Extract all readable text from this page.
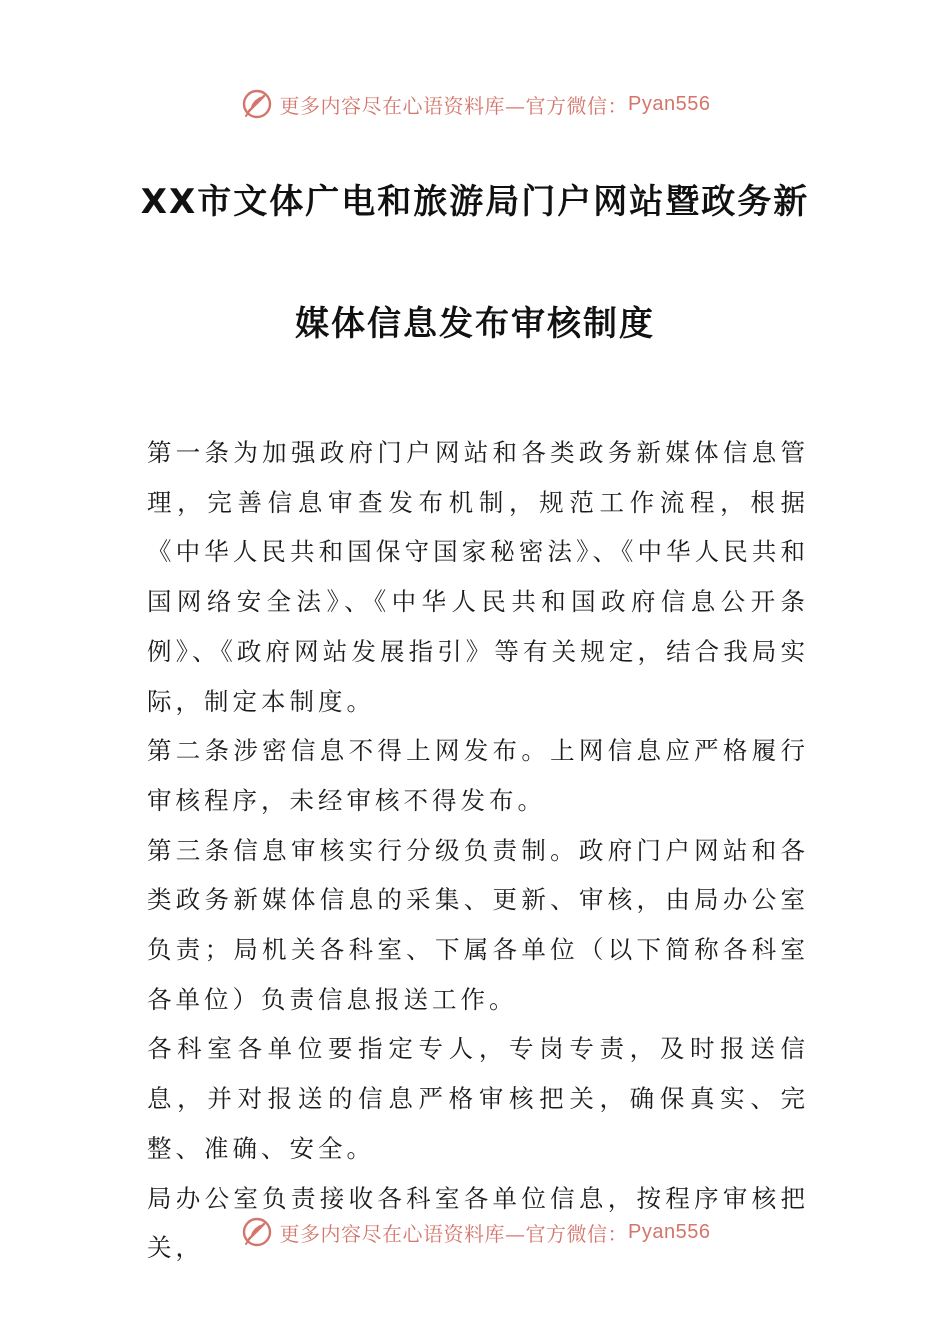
更多内容尽在心语资料库—官方微信： Pyan556
XX市文体广电和旅游局门户网站暨政务新
媒体信息发布审核制度

第一条为加强政府门户网站和各类政务新媒体信息管理，完善信息审查发布机制，规范工作流程，根据《中华人民共和国保守国家秘密法》、《中华人民共和国网络安全法》、《中华人民共和国政府信息公开条例》、《政府网站发展指引》等有关规定，结合我局实际，制定本制度。

第二条涉密信息不得上网发布。上网信息应严格履行审核程序，未经审核不得发布。

第三条信息审核实行分级负责制。政府门户网站和各类政务新媒体信息的采集、更新、审核，由局办公室负责；局机关各科室、下属各单位（以下简称各科室各单位）负责信息报送工作。

各科室各单位要指定专人，专岗专责，及时报送信息，并对报送的信息严格审核把关，确保真实、完整、准确、安全。

局办公室负责接收各科室各单位信息，按程序审核把关，	更多内容尽在心语资料库—官方微信： Pyan556
